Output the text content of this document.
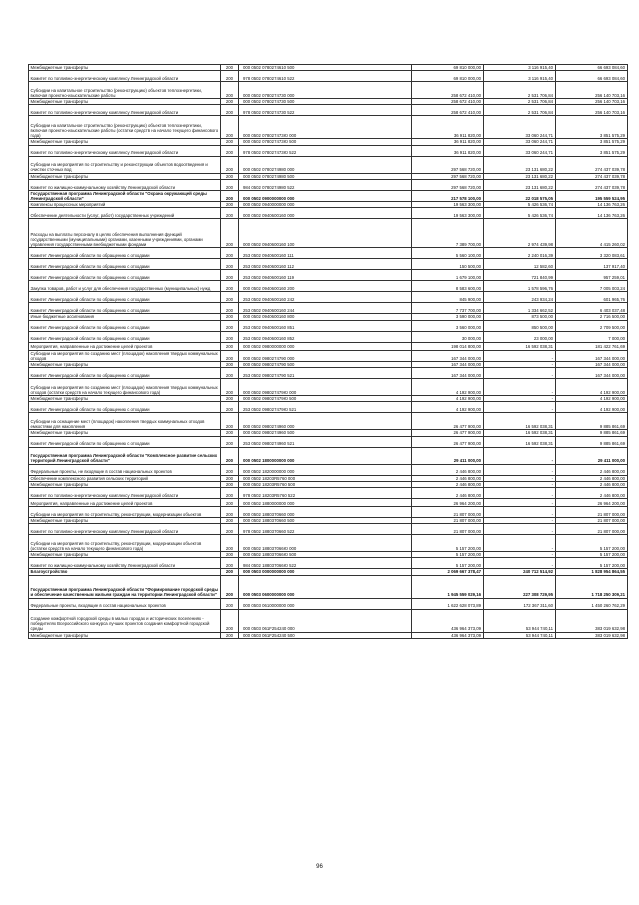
Межбюджетные трансферты	200	000 0502 0780274610 500	69 810 000,00	3 116 915,40	66 693 084,60
Комитет по топливно-энергетическому комплексу Ленинградской области	200	978 0502 0780274610 522	69 810 000,00	3 116 915,40	66 693 084,60
Субсидии на капитальное строительство (реконструкцию) объектов теплоэнергетики, включая проектно-изыскательские работы	200	000 0502 0780274730 000	258 672 410,00	2 531 706,84	256 140 703,16
Межбюджетные трансферты	200	000 0502 0780274730 500	258 672 410,00	2 531 706,84	256 140 703,16
Комитет по топливно-энергетическому комплексу Ленинградской области	200	978 0502 0780274730 522	258 672 410,00	2 531 706,84	256 140 703,16
Субсидии на капитальное строительство (реконструкцию) объектов теплоэнергетики, включая проектно-изыскательские работы (остатки средств на начало текущего финансового года)	200	000 0502 078027473Ю 000	36 911 820,00	33 060 244,71	3 851 575,29
Межбюджетные трансферты	200	000 0502 078027473Ю 500	36 911 820,00	33 060 244,71	3 851 575,29
Комитет по топливно-энергетическому комплексу Ленинградской области	200	978 0502 078027473Ю 522	36 911 820,00	33 060 244,71	3 851 575,29
Субсидии на мероприятия по строительству и реконструкции объектов водоотведения и очистки сточных вод	200	000 0502 0780274980 000	297 568 720,00	23 131 680,22	274 437 039,78
Межбюджетные трансферты	200	000 0502 0780274980 500	297 568 720,00	23 131 680,22	274 437 039,78
Комитет по жилищно-коммунальному хозяйству Ленинградской области	200	984 0502 0780274980 522	297 568 720,00	23 131 680,22	274 437 039,78
Государственная программа Ленинградской области "Охрана окружающей среды Ленинградской области"	200	000 0502 0900000000 000	217 578 100,00	22 018 575,05	195 559 524,95
Комплексы процессных мероприятий	200	000 0502 0940000000 000	19 563 300,00	5 426 536,74	14 136 763,26
Обеспечение деятельности (услуг, работ) государственных учреждений	200	000 0502 0940600160 000	19 563 300,00	5 426 536,74	14 136 763,26
Расходы на выплаты персоналу в целях обеспечения выполнения функций государственными (муниципальными) органами, казенными учреждениями, органами управления государственными внебюджетными фондами	200	000 0502 0940600160 100	7 389 700,00	2 974 439,98	4 415 260,02
Комитет Ленинградской области по обращению с отходами	200	253 0502 0940600160 111	5 560 100,00	2 240 016,39	3 320 083,61
Комитет Ленинградской области по обращению с отходами	200	253 0502 0940600160 112	150 500,00	12 582,60	137 917,40
Комитет Ленинградской области по обращению с отходами	200	253 0502 0940600160 119	1 679 100,00	721 840,99	957 259,01
Закупка товаров, работ и услуг для обеспечения государственных (муниципальных) нужд	200	000 0502 0940600160 200	8 583 600,00	1 578 596,76	7 005 003,24
Комитет Ленинградской области по обращению с отходами	200	253 0502 0940600160 242	845 900,00	243 934,24	601 965,76
Комитет Ленинградской области по обращению с отходами	200	253 0502 0940600160 244	7 737 700,00	1 334 662,52	6 403 037,48
Иные бюджетные ассигнования	200	000 0502 0940600160 800	3 590 000,00	873 500,00	2 716 500,00
Комитет Ленинградской области по обращению с отходами	200	253 0502 0940600160 851	3 560 000,00	850 500,00	2 709 500,00
Комитет Ленинградской области по обращению с отходами	200	253 0502 0940600160 852	30 000,00	23 000,00	7 000,00
Мероприятия, направленные на достижение целей проектов	200	000 0502 0980000000 000	198 014 800,00	16 592 038,31	181 422 761,69
Субсидии на мероприятия по созданию мест (площадок) накопления твердых коммунальных отходов	200	000 0502 0980274790 000	167 344 000,00	-	167 344 000,00
Межбюджетные трансферты	200	000 0502 0980274790 500	167 344 000,00	-	167 344 000,00
Комитет Ленинградской области по обращению с отходами	200	253 0502 0980274790 521	167 344 000,00	-	167 344 000,00
Субсидии на мероприятия по созданию мест (площадок) накопления твердых коммунальных отходов (остатки средств на начало текущего финансового года)	200	000 0502 098027479Ю 000	4 192 900,00	-	4 192 900,00
Межбюджетные трансферты	200	000 0502 098027479Ю 500	4 192 900,00	-	4 192 900,00
Комитет Ленинградской области по обращению с отходами	200	253 0502 098027479Ю 521	4 192 900,00	-	4 192 900,00
Субсидии на оснащение мест (площадок) накопления твердых коммунальных отходов емкостями для накопления	200	000 0502 0980274960 000	26 477 900,00	16 592 038,31	9 885 861,69
Межбюджетные трансферты	200	000 0502 0980274960 500	26 477 900,00	16 592 038,31	9 885 861,69
Комитет Ленинградской области по обращению с отходами	200	253 0502 0980274960 521	26 477 900,00	16 592 038,31	9 885 861,69
Государственная программа Ленинградской области "Комплексное развитие сельских территорий Ленинградской области"	200	000 0502 1800000000 000	29 411 000,00	-	29 411 000,00
Федеральные проекты, не входящие в состав национальных проектов	200	000 0502 1820000000 000	2 446 800,00	-	2 446 800,00
Обеспечение комплексного развития сельских территорий	200	000 0502 18203R5760 000	2 446 800,00	-	2 446 800,00
Межбюджетные трансферты	200	000 0502 18203R5760 500	2 446 800,00	-	2 446 800,00
Комитет по топливно-энергетическому комплексу Ленинградской области	200	978 0502 18203R5760 522	2 446 800,00	-	2 446 800,00
Мероприятия, направленные на достижение целей проектов	200	000 0502 1880000000 000	26 964 200,00	-	26 964 200,00
Субсидии на мероприятия по строительству, реконструкции, модернизации объектов	200	000 0502 1880370660 000	21 807 000,00	-	21 807 000,00
Межбюджетные трансферты	200	000 0502 1880370660 500	21 807 000,00	-	21 807 000,00
Комитет по топливно-энергетическому комплексу Ленинградской области	200	978 0502 1880370660 522	21 807 000,00	-	21 807 000,00
Субсидии на мероприятия по строительству, реконструкции, модернизации объектов (остатки средств на начало текущего финансового года)	200	000 0502 188037066Ю 000	5 157 200,00	-	5 157 200,00
Межбюджетные трансферты	200	000 0502 188037066Ю 500	5 157 200,00	-	5 157 200,00
Комитет по жилищно-коммунальному хозяйству Ленинградской области	200	984 0502 188037066Ю 522	5 157 200,00	-	5 157 200,00
Благоустройство	200	000 0503 0000000000 000	2 069 667 378,47	240 712 514,92	1 828 954 864,55
Государственная программа Ленинградской области "Формирование городской среды и обеспечение качественным жильем граждан на территории Ленинградской области"	200	000 0503 0600000000 000	1 945 559 029,16	227 308 729,95	1 718 250 309,21
Федеральные проекты, входящие в состав национальных проектов	200	000 0503 0610000000 000	1 622 628 073,89	172 367 311,60	1 450 260 762,29
Создание комфортной городской среды в малых городах и исторических поселениях - победителях Всероссийского конкурса лучших проектов создания комфортной городской среды	200	000 0503 061F254240 000	436 964 373,09	53 944 740,11	383 019 632,98
Межбюджетные трансферты	200	000 0503 061F254240 500	436 964 373,09	53 944 740,11	383 019 632,98
96
